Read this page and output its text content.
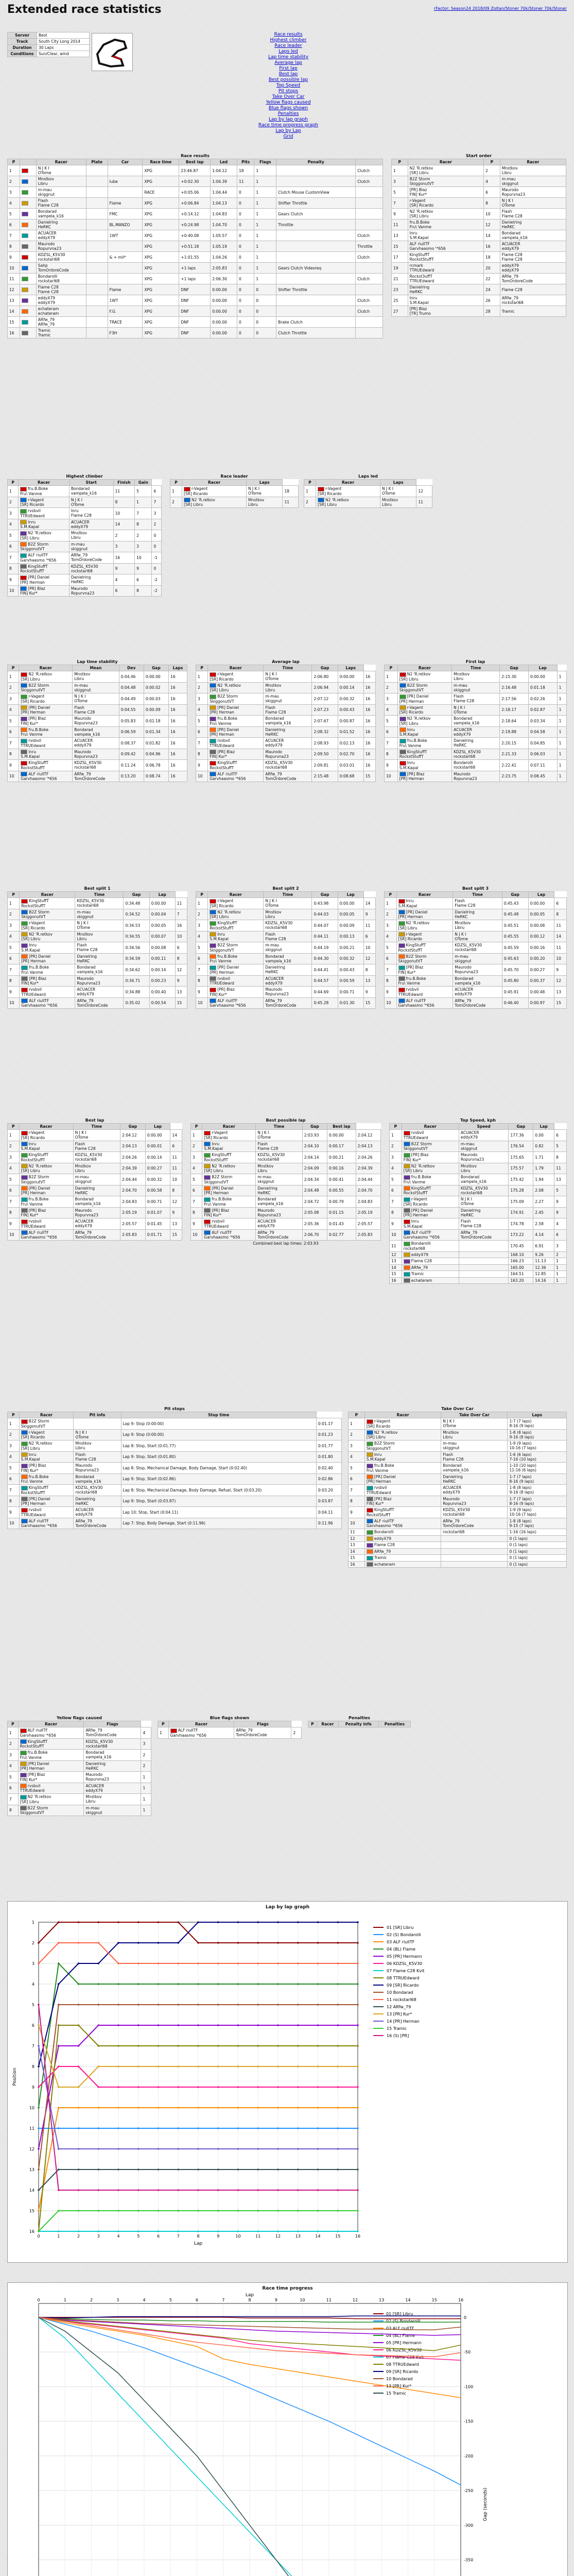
Extended race statistics	rFactor: Season24 2018/09 Zoltan/Stoner 70k/Stoner 70k/Stoner
Server	Best
Track	South City Long 2014
Duration	30 Laps
Conditions	Sun/Clear, wind
Race results
Highest climber
Race leader
Laps led
Lap time stability
Average lap
First lap
Best lap
Best possible lap
Top Speed
Pit stops
Take Over Car
Yellow flags caused
Blue flags shown
Penalties
Lap by lap graph
Race time progress graph
Lap by Lap
Grid
Race results
P		Racer	Plate	Car	Race time	Best lap	Led	Pits	Flags	Penalty	
1		N J K I
OTome			XPG	23:46.87	1:04.12	18	1		Clutch
2		Mnstkov
Libru		lube	XPG	+0:02.30	1:04.39	11	1		Clutch
3		m-mau
skiggnut			RACE	+0:05.06	1:04.44	0	1	Clutch Mouse CustomView	
4		Flash
Flame C28		Flame	XPG	+0:06.84	1:04.13	0	1	Shifter Throttle	
5		Bondarad
vampela_k16		FMC	XPG	+0:14.12	1:04.83	0	1	Gears Clutch	
6		Danielring
HeRKC		BL.MANZO	XPG	+0:24.98	1:04.70	0	1	Throttle	
7		ACUACER
eddyX79		1WT	XPG	+0:40.08	1:05.57	0	1		Clutch
8		Maurodo
Ropurvna23			XPG	+0:51.18	1:05.19	0	1		Throttle
9		KDZSL_K5V30
rockstarl68		& + mil*	XPG	+1:01.55	1:04.26	0	1		Clutch
10		Sahp
TomOrdoreCode			XPG	+1 laps	2:05.83	0	1	Gears Clutch Videoreq	
11		Bondarolli
rockstarl68			XPG	+1 laps	2:06.30	0	1		Clutch
12		Flame C28
Flame C28		Flame	XPG	DNF	0:00.00	0	0	Shifter Throttle	
13		eddyX79
eddyX79		1WT	XPG	DNF	0:00.00	0	0		Clutch
14		echateram
echateram		F.G.	XPG	DNF	0:00.00	0	0		Clutch
15		ARfw_79
ARfw_79		TRACE	XPG	DNF	0:00.00	0	0	Brake Clutch	
16		Tramic
Tramic		F3H	XPG	DNF	0:00.00	0	0	Clutch Throttle	
Start order
P	Racer	P	Racer
1	N2 'R.retkov
[SR] Libru	2	Mnstkov
Libru
3	B2Z Storm
SkiggonutVT	4	m-mau
skiggnut
5	[PR] Blaz
FIN] Kur*	6	Maurodo
Ropurvna23
7	r-Vagent
[SR] Ricardo	8	N J K I
OTome
9	N2 'R.retkov
[SR] Libru	10	Flash
Flame C28
11	fru.B.Boke
Fru\ Vanme	12	Danielring
HeRKC
13	Inru
S.M.Kapal	14	Bondarad
vampela_k16
15	ALF riullTF
Garvhaasmo '*656	16	ACUACER
eddyX79
17	KingStuffT
RockstStuffT	18	Flame C28
Flame C28
19	rcmark
TTRUEdward	20	eddyX79
eddyX79
21	Rockst3uffT
TTRUEdward	22	ARfw_79
TomOrdoreCode
23	Danielring
HeRKC	24	Flame C28
25	Inru
S.M.Kapal	26	ARfw_79
rockstarl68
27	[PR] Blaz
[TR] Trumo	28	Tramic
Highest climber
P	Racer	Start	Finish	Gain	
1	fru.B.Boke
Fru\ Vanme	Bondarad
vampela_k16	11	5	6
2	r-Vagent
[SR] Ricardo	N J K I
OTome	8	1	7
3	rvsbvil
TTRUEdward	Inru
Flame C28	10	7	3
4	Inru
S.M.Kapal	ACUACER
eddyX79	14	8	2
5	N2 'R.retkov
[SR] Libru	Mnstkov
Libru	2	2	0
6	B2Z Storm
SkiggonutVT	m-mau
skiggnut	3	3	0
7	ALF riullTF
Garvhaasmo '*656	ARfw_79
TomOrdoreCode	16	10	-1
8	KingStuffT
RockstStuffT	KDZSL_K5V30
rockstarl68	9	9	0
9	[PR] Daniel
[PR] Herman	Danielring
HeRKC	4	6	-2
10	[PR] Blaz
FIN] Kur*	Maurodo
Ropurvna23	6	8	-2
Race leader
P	Racer	Laps	
1	r-Vagent
[SR] Ricardo	N J K I
OTome	18
2	N2 'R.retkov
[SR] Libru	Mnstkov
Libru	11
Laps led
P	Racer	Laps	
1	r-Vagent
[SR] Ricardo	N J K I
OTome	12
2	N2 'R.retkov
[SR] Libru	Mnstkov
Libru	11
Lap time stability
P	Racer	Mean	Dev	Gap	Laps
1	N2 'R.retkov
[SR] Libru	Mnstkov
Libru	0:04.46	0:00.00	16
2	B2Z Storm
SkiggonutVT	m-mau
skiggnut	0:04.48	0:00.02	16
3	r-Vagent
[SR] Ricardo	N J K I
OTome	0:04.49	0:00.03	16
4	[PR] Daniel
[PR] Herman	Flash
Flame C28	0:04.55	0:00.09	16
5	[PR] Blaz
FIN] Kur*	Maurodo
Ropurvna23	0:05.83	0:01.18	16
6	fru.B.Boke
Fru\ Vanme	Bondarad
vampela_k16	0:06.59	0:01.34	16
7	rvsbvil
TTRUEdward	ACUACER
eddyX79	0:08.37	0:01.82	16
8	Inru
S.M.Kapal	Maurodo
Ropurvna23	0:09.42	0:04.96	16
9	KingStuffT
RockstStuffT	KDZSL_K5V30
rockstarl68	0:11.24	0:06.78	16
10	ALF riullTF
Garvhaasmo '*656	ARfw_79
TomOrdoreCode	0:13.20	0:08.74	16
Average lap
P	Racer	Time	Gap	Laps	
1	r-Vagent
[SR] Ricardo	N J K I
OTome	2:06.80	0:00.00	16
2	N2 'R.retkov
[SR] Libru	Mnstkov
Libru	2:06.94	0:00.14	16
3	B2Z Storm
SkiggonutVT	m-mau
skiggnut	2:07.12	0:00.32	16
4	[PR] Daniel
[PR] Herman	Flash
Flame C28	2:07.23	0:00.43	16
5	fru.B.Boke
Fru\ Vanme	Bondarad
vampela_k16	2:07.67	0:00.87	16
6	[PR] Daniel
[PR] Herman	Danielring
HeRKC	2:08.32	0:01.52	16
7	rvsbvil
TTRUEdward	ACUACER
eddyX79	2:08.93	0:02.13	16
8	[PR] Blaz
FIN] Kur*	Maurodo
Ropurvna23	2:09.50	0:02.70	16
9	KingStuffT
RockstStuffT	KDZSL_K5V30
rockstarl68	2:09.81	0:03.01	16
10	ALF riullTF
Garvhaasmo '*656	ARfw_79
TomOrdoreCode	2:15.48	0:08.68	15
First lap
P	Racer	Time	Gap	Lap	
1	N2 'R.retkov
[SR] Libru	Mnstkov
Libru	2:15.30	0:00.00	1
2	B2Z Storm
SkiggonutVT	m-mau
skiggnut	2:16.48	0:01.18	1
3	[PR] Daniel
[PR] Herman	Flash
Flame C28	2:17.56	0:02.26	1
4	r-Vagent
[SR] Ricardo	N J K I
OTome	2:18.17	0:02.87	1
5	N2 'R.retkov
[SR] Libru	Bondarad
vampela_k16	2:18.64	0:03.34	1
6	Inru
S.M.Kapal	ACUACER
eddyX79	2:19.88	0:04.58	1
7	fru.B.Boke
Fru\ Vanme	Danielring
HeRKC	2:20.15	0:04.85	1
8	KingStuffT
RockstStuffT	KDZSL_K5V30
rockstarl68	2:21.33	0:06.03	1
9	Inru
S.M.Kapal	Bondarolli
rockstarl68	2:22.41	0:07.11	1
10	[PR] Blaz
[PR] Herman	Maurodo
Ropurvna23	2:23.75	0:08.45	1
Best split 1
P	Racer	Time	Gap	Lap	
1	KingStuffT
RockstStuffT	KDZSL_K5V30
rockstarl68	0:34.48	0:00.00	11
2	B2Z Storm
SkiggonutVT	m-mau
skiggnut	0:34.52	0:00.04	7
3	r-Vagent
[SR] Ricardo	N J K I
OTome	0:34.53	0:00.05	16
4	N2 'R.retkov
[SR] Libru	Mnstkov
Libru	0:34.55	0:00.07	10
5	Inru
S.M.Kapal	Flash
Flame C28	0:34.56	0:00.08	6
6	[PR] Daniel
[PR] Herman	Danielring
HeRKC	0:34.59	0:00.11	8
7	fru.B.Boke
Fru\ Vanme	Bondarad
vampela_k16	0:34.62	0:00.14	12
8	[PR] Blaz
FIN] Kur*	Maurodo
Ropurvna23	0:34.71	0:00.23	9
9	rvsbvil
TTRUEdward	ACUACER
eddyX79	0:34.88	0:00.40	13
10	ALF riullTF
Garvhaasmo '*656	ARfw_79
TomOrdoreCode	0:35.02	0:00.54	15
Best split 2
P	Racer	Time	Gap	Lap	
1	r-Vagent
[SR] Ricardo	N J K I
OTome	0:43.98	0:00.00	14
2	N2 'R.retkov
[SR] Libru	Mnstkov
Libru	0:44.03	0:00.05	9
3	KingStuffT
RockstStuffT	KDZSL_K5V30
rockstarl68	0:44.07	0:00.09	11
4	Inru
S.M.Kapal	Flash
Flame C28	0:44.11	0:00.13	6
5	B2Z Storm
SkiggonutVT	m-mau
skiggnut	0:44.19	0:00.21	10
6	fru.B.Boke
Fru\ Vanme	Bondarad
vampela_k16	0:44.30	0:00.32	12
7	[PR] Daniel
[PR] Herman	Danielring
HeRKC	0:44.41	0:00.43	8
8	rvsbvil
TTRUEdward	ACUACER
eddyX79	0:44.57	0:00.59	13
9	[PR] Blaz
FIN] Kur*	Maurodo
Ropurvna23	0:44.69	0:00.71	9
10	ALF riullTF
Garvhaasmo '*656	ARfw_79
TomOrdoreCode	0:45.28	0:01.30	15
Best split 3
P	Racer	Time	Gap	Lap	
1	Inru
S.M.Kapal	Flash
Flame C28	0:45.43	0:00.00	6
2	[PR] Daniel
[PR] Herman	Danielring
HeRKC	0:45.48	0:00.05	8
3	N2 'R.retkov
[SR] Libru	Mnstkov
Libru	0:45.51	0:00.08	11
4	r-Vagent
[SR] Ricardo	N J K I
OTome	0:45.55	0:00.12	14
5	KingStuffT
RockstStuffT	KDZSL_K5V30
rockstarl68	0:45.59	0:00.16	11
6	B2Z Storm
SkiggonutVT	m-mau
skiggnut	0:45.63	0:00.20	10
7	[PR] Blaz
FIN] Kur*	Maurodo
Ropurvna23	0:45.70	0:00.27	9
8	fru.B.Boke
Fru\ Vanme	Bondarad
vampela_k16	0:45.80	0:00.37	12
9	rvsbvil
TTRUEdward	ACUACER
eddyX79	0:45.91	0:00.48	13
10	ALF riullTF
Garvhaasmo '*656	ARfw_79
TomOrdoreCode	0:46.40	0:00.97	15
Best lap
P	Racer	Time	Gap	Lap	
1	r-Vagent
[SR] Ricardo	N J K I
OTome	2:04.12	0:00.00	14
2	Inru
S.M.Kapal	Flash
Flame C28	2:04.13	0:00.01	6
3	KingStuffT
RockstStuffT	KDZSL_K5V30
rockstarl68	2:04.26	0:00.14	11
4	N2 'R.retkov
[SR] Libru	Mnstkov
Libru	2:04.39	0:00.27	11
5	B2Z Storm
SkiggonutVT	m-mau
skiggnut	2:04.44	0:00.32	10
6	[PR] Daniel
[PR] Herman	Danielring
HeRKC	2:04.70	0:00.58	8
7	fru.B.Boke
Fru\ Vanme	Bondarad
vampela_k16	2:04.83	0:00.71	12
8	[PR] Blaz
FIN] Kur*	Maurodo
Ropurvna23	2:05.19	0:01.07	9
9	rvsbvil
TTRUEdward	ACUACER
eddyX79	2:05.57	0:01.45	13
10	ALF riullTF
Garvhaasmo '*656	ARfw_79
TomOrdoreCode	2:05.83	0:01.71	15
Best possible lap
P	Racer	Time	Gap	Best lap	
1	r-Vagent
[SR] Ricardo	N J K I
OTome	2:03.93	0:00.00	2:04.12
2	Inru
S.M.Kapal	Flash
Flame C28	2:04.10	0:00.17	2:04.13
3	KingStuffT
RockstStuffT	KDZSL_K5V30
rockstarl68	2:04.14	0:00.21	2:04.26
4	N2 'R.retkov
[SR] Libru	Mnstkov
Libru	2:04.09	0:00.16	2:04.39
5	B2Z Storm
SkiggonutVT	m-mau
skiggnut	2:04.34	0:00.41	2:04.44
6	[PR] Daniel
[PR] Herman	Danielring
HeRKC	2:04.48	0:00.55	2:04.70
7	fru.B.Boke
Fru\ Vanme	Bondarad
vampela_k16	2:04.72	0:00.79	2:04.83
8	[PR] Blaz
FIN] Kur*	Maurodo
Ropurvna23	2:05.08	0:01.15	2:05.19
9	rvsbvil
TTRUEdward	ACUACER
eddyX79	2:05.36	0:01.43	2:05.57
10	ALF riullTF
Garvhaasmo '*656	ARfw_79
TomOrdoreCode	2:06.70	0:02.77	2:05.83
Combined best lap times: 2:03.93
Top Speed, kph
P	Racer	Speed	Gap	Lap	
1	rvsbvil
TTRUEdward	ACUACER
eddyX79	177.36	0.00	6
2	B2Z Storm
SkiggonutVT	m-mau
skiggnut	176.54	0.82	5
3	[PR] Blaz
FIN] Kur*	Maurodo
Ropurvna23	175.65	1.71	8
4	N2 'R.retkov
[SR] Libru	Mnstkov
Libru	175.57	1.79	11
5	fru.B.Boke
Fru\ Vanme	Bondarad
vampela_k16	175.42	1.94	13
6	KingStuffT
RockstStuffT	KDZSL_K5V30
rockstarl68	175.28	2.08	5
7	r-Vagent
[SR] Ricardo	N J K I
OTome	175.09	2.27	9
8	[PR] Daniel
[PR] Herman	Danielring
HeRKC	174.91	2.45	9
9	Inru
S.M.Kapal	Flash
Flame C28	174.78	2.58	4
10	ALF riullTF
Garvhaasmo '*656	ARfw_79
TomOrdoreCode	173.22	4.14	6
11	Bondarolli
rockstarl68		170.45	6.91	3
12	eddyX79		168.10	9.26	2
13	Flame C28		166.23	11.13	1
14	ARfw_79		165.00	12.36	1
15	Tramic		164.51	12.85	1
16	echateram		163.20	14.16	1
Pit stops
P	Racer	Pit info	Stop time	
1	B2Z Storm
SkiggonutVT		Lap 9: Stop (0:00:00)	0:01.17
2	r-Vagent
[SR] Ricardo	N J K I
OTome	Lap 9: Stop (0:00:00)	0:01.23
3	N2 'R.retkov
[SR] Libru	Mnstkov
Libru	Lap 8: Stop, Start (0:01.77)	0:01.77
4	Inru
S.M.Kapal	Flash
Flame C28	Lap 9: Stop, Start (0:01.80)	0:01.80
5	[PR] Blaz
FIN] Kur*	Maurodo
Ropurvna23	Lap 8: Stop, Mechanical Damage, Body Damage, Start (0:02.40)	0:02.40
6	fru.B.Boke
Fru\ Vanme	Bondarad
vampela_k16	Lap 9: Stop, Start (0:02.86)	0:02.86
7	KingStuffT
RockstStuffT	KDZSL_K5V30
rockstarl68	Lap 8: Stop, Mechanical Damage, Body Damage, Refuel, Start (0:03.20)	0:03.20
8	[PR] Daniel
[PR] Herman	Danielring
HeRKC	Lap 9: Stop, Start (0:03.87)	0:03.87
9	rvsbvil
TTRUEdward	ACUACER
eddyX79	Lap 10: Stop, Start (0:04.11)	0:04.11
10	ALF riullTF
Garvhaasmo '*656	ARfw_79
TomOrdoreCode	Lap 7: Stop, Body Damage, Start (0:11.96)	0:11.96
Take Over Car
P	Racer	Take Over Car	Laps
1	r-Vagent
[SR] Ricardo	N J K I
OTome	1-7 (7 laps)
8-16 (9 laps)
2	N2 'R.retkov
[SR] Libru	Mnstkov
Libru	1-8 (8 laps)
9-16 (8 laps)
3	B2Z Storm
SkiggonutVT	m-mau
skiggnut	1-9 (9 laps)
10-16 (7 laps)
4	Inru
S.M.Kapal	Flash
Flame C28	1-6 (6 laps)
7-16 (10 laps)
5	fru.B.Boke
Fru\ Vanme	Bondarad
vampela_k16	1-10 (10 laps)
11-16 (6 laps)
6	[PR] Daniel
[PR] Herman	Danielring
HeRKC	1-7 (7 laps)
8-16 (9 laps)
7	rvsbvil
TTRUEdward	ACUACER
eddyX79	1-8 (8 laps)
9-16 (8 laps)
8	[PR] Blaz
FIN] Kur*	Maurodo
Ropurvna23	1-7 (7 laps)
8-16 (9 laps)
9	KingStuffT
RockstStuffT	KDZSL_K5V30
rockstarl68	1-9 (9 laps)
10-16 (7 laps)
10	ALF riullTF
Garvhaasmo '*656	ARfw_79
TomOrdoreCode	1-8 (8 laps)
9-15 (7 laps)
11	Bondarolli	rockstarl68	1-16 (16 laps)
12	eddyX79		0 (1 laps)
13	Flame C28		0 (1 laps)
14	ARfw_79		0 (1 laps)
15	Tramic		0 (1 laps)
16	echateram		0 (1 laps)
Yellow flags caused
P	Racer	Flags	
1	ALF riullTF
Garvhaasmo '*656	ARfw_79
TomOrdoreCode	4
2	KingStuffT
RockstStuffT	KDZSL_K5V30
rockstarl68	3
3	fru.B.Boke
Fru\ Vanme	Bondarad
vampela_k16	2
4	[PR] Daniel
[PR] Herman	Danielring
HeRKC	2
5	[PR] Blaz
FIN] Kur*	Maurodo
Ropurvna23	1
6	rvsbvil
TTRUEdward	ACUACER
eddyX79	1
7	N2 'R.retkov
[SR] Libru	Mnstkov
Libru	1
8	B2Z Storm
SkiggonutVT	m-mau
skiggnut	1
Blue flags shown
P	Racer	Flags	
1	ALF riullTF
Garvhaasmo '*656	ARfw_79
TomOrdoreCode	2
Penalties
P	Racer	Penalty info	Penalties
Lap by lap graph
1
2
3
4
5
6
7
8
9
10
11
12
13
14
15
16
0	1	2	3	4	5	6	7	8	9	10	11	12	13	14	15	16
Lap
Position
01 [SR] Libru
02 (S) Bondarolli
03 ALF riullTF
04 (BL) Flame
05 [PR] Hermann
06 KDZSL_K5V30
07 Flame C28 Kvit
08 TTRUEdward
09 [SR] Ricardo
10 Bondarad
11 rockstarl68
12 ARfw_79
13 [PR] Kur*
14 [PR] Herman
15 Tramic
16 (S) [PR]
Race time progress
0
-50
-100
-150
-200
-250
-300
-350
0	1	2	3	4	5	6	7	8	9	10	11	12	13	14	15	16
Lap
Gap (seconds)
01 [SR] Libru
02 (S) Bondarolli
03 ALF riullTF
04 (BL) Flame
05 [PR] Hermann
06 KDZSL_K5V30
07 Flame C28 Kvit
08 TTRUEdward
09 [SR] Ricardo
10 Bondarad
13 [PR] Kur*
15 Tramic
